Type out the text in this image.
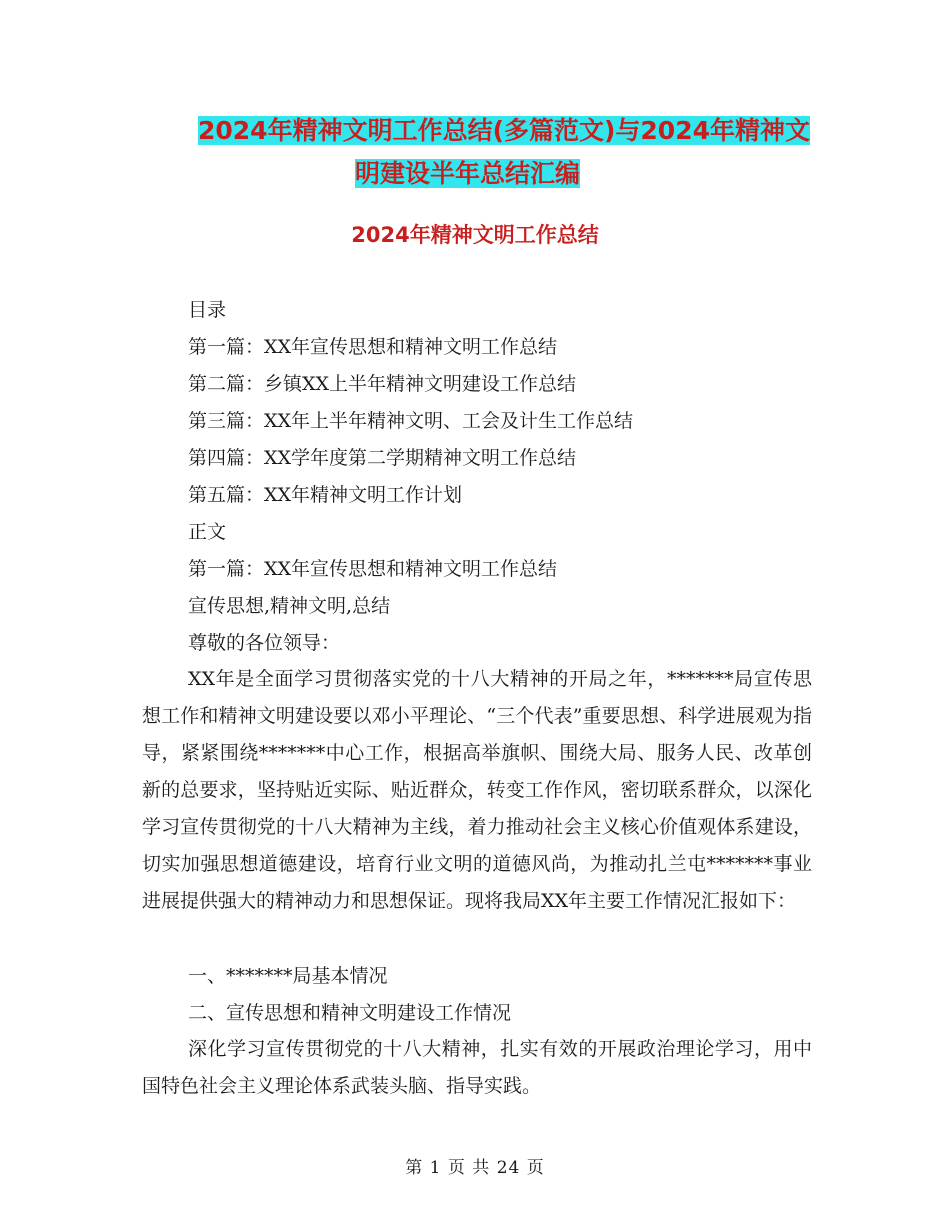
2024年精神文明工作总结(多篇范文)与2024年精神文
明建设半年总结汇编
2024年精神文明工作总结
目录
第一篇：XX年宣传思想和精神文明工作总结
第二篇：乡镇XX上半年精神文明建设工作总结
第三篇：XX年上半年精神文明、工会及计生工作总结
第四篇：XX学年度第二学期精神文明工作总结
第五篇：XX年精神文明工作计划
正文
第一篇：XX年宣传思想和精神文明工作总结
宣传思想,精神文明,总结
尊敬的各位领导：

XX年是全面学习贯彻落实党的十八大精神的开局之年，*******局宣传思想工作和精神文明建设要以邓小平理论、“三个代表”重要思想、科学进展观为指导，紧紧围绕*******中心工作，根据高举旗帜、围绕大局、服务人民、改革创新的总要求，坚持贴近实际、贴近群众，转变工作作风，密切联系群众，以深化学习宣传贯彻党的十八大精神为主线，着力推动社会主义核心价值观体系建设，切实加强思想道德建设，培育行业文明的道德风尚，为推动扎兰屯*******事业进展提供强大的精神动力和思想保证。现将我局XX年主要工作情况汇报如下：

一、*******局基本情况
二、宣传思想和精神文明建设工作情况

深化学习宣传贯彻党的十八大精神，扎实有效的开展政治理论学习，用中国特色社会主义理论体系武装头脑、指导实践。

第 1 页 共 24 页
